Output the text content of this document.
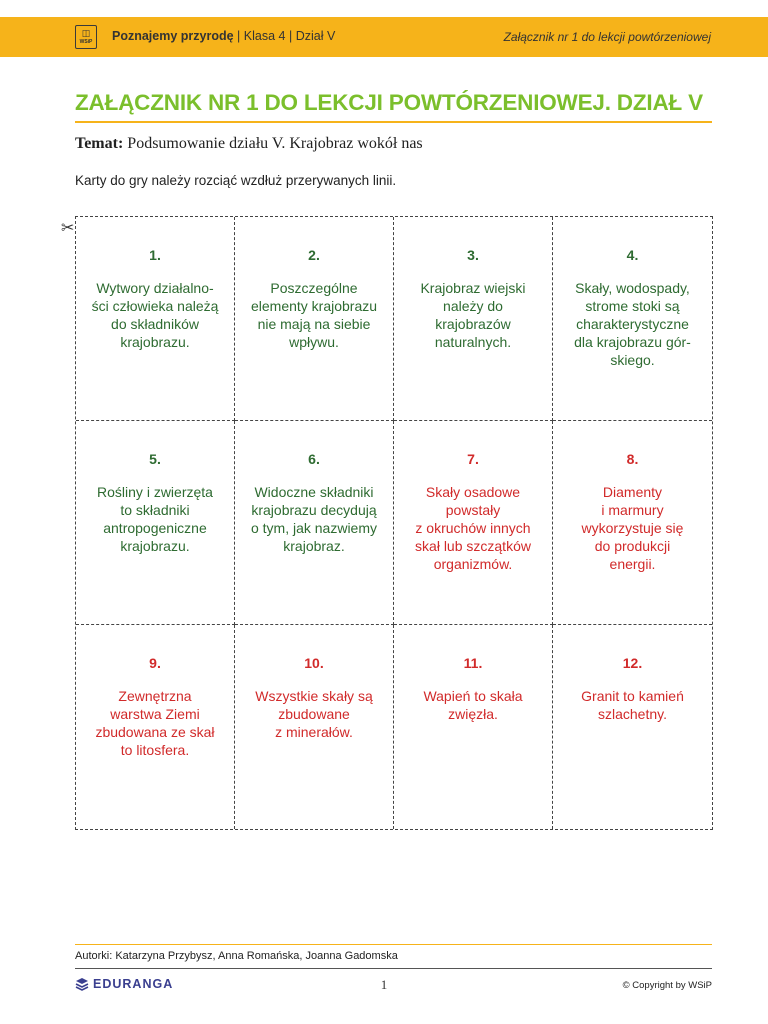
◫
WSiP Poznajemy przyrodę | Klasa 4 | Dział V	Załącznik nr 1 do lekcji powtórzeniowej
ZAŁĄCZNIK NR 1 DO LEKCJI POWTÓRZENIOWEJ. DZIAŁ V
Temat: Podsumowanie działu V. Krajobraz wokół nas
Karty do gry należy rozciąć wzdłuż przerywanych linii.
✂
1.
Wytwory działalno-
ści człowieka należą
do składników
krajobrazu.
2.
Poszczególne
elementy krajobrazu
nie mają na siebie
wpływu.
3.
Krajobraz wiejski
należy do
krajobrazów
naturalnych.
4.
Skały, wodospady,
strome stoki są
charakterystyczne
dla krajobrazu gór-
skiego.
5.
Rośliny i zwierzęta
to składniki
antropogeniczne
krajobrazu.
6.
Widoczne składniki
krajobrazu decydują
o tym, jak nazwiemy
krajobraz.
7.
Skały osadowe
powstały
z okruchów innych
skał lub szczątków
organizmów.
8.
Diamenty
i marmury
wykorzystuje się
do produkcji
energii.
9.
Zewnętrzna
warstwa Ziemi
zbudowana ze skał
to litosfera.
10.
Wszystkie skały są
zbudowane
z minerałów.
11.
Wapień to skała
zwięzła.
12.
Granit to kamień
szlachetny.
Autorki: Katarzyna Przybysz, Anna Romańska, Joanna Gadomska
EDURANGA	1	© Copyright by WSiP
